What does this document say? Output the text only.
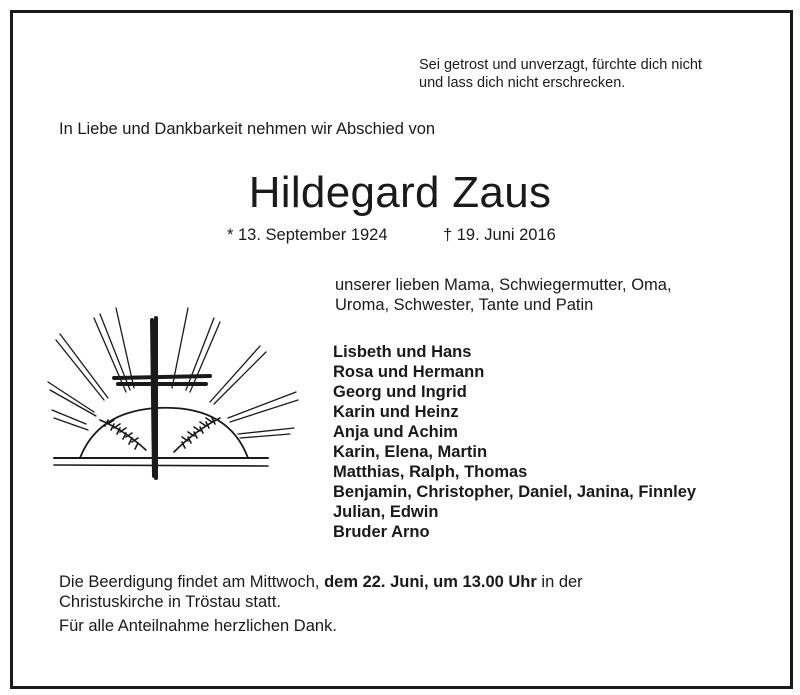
Sei getrost und unverzagt, fürchte dich nicht
und lass dich nicht erschrecken.
In Liebe und Dankbarkeit nehmen wir Abschied von
Hildegard Zaus
* 13. September 1924	† 19. Juni 2016
unserer lieben Mama, Schwiegermutter, Oma,
Uroma, Schwester, Tante und Patin
Lisbeth und Hans
Rosa und Hermann
Georg und Ingrid
Karin und Heinz
Anja und Achim
Karin, Elena, Martin
Matthias, Ralph, Thomas
Benjamin, Christopher, Daniel, Janina, Finnley
Julian, Edwin
Bruder Arno
Die Beerdigung findet am Mittwoch, dem 22. Juni, um 13.00 Uhr in der
Christuskirche in Tröstau statt.
Für alle Anteilnahme herzlichen Dank.
